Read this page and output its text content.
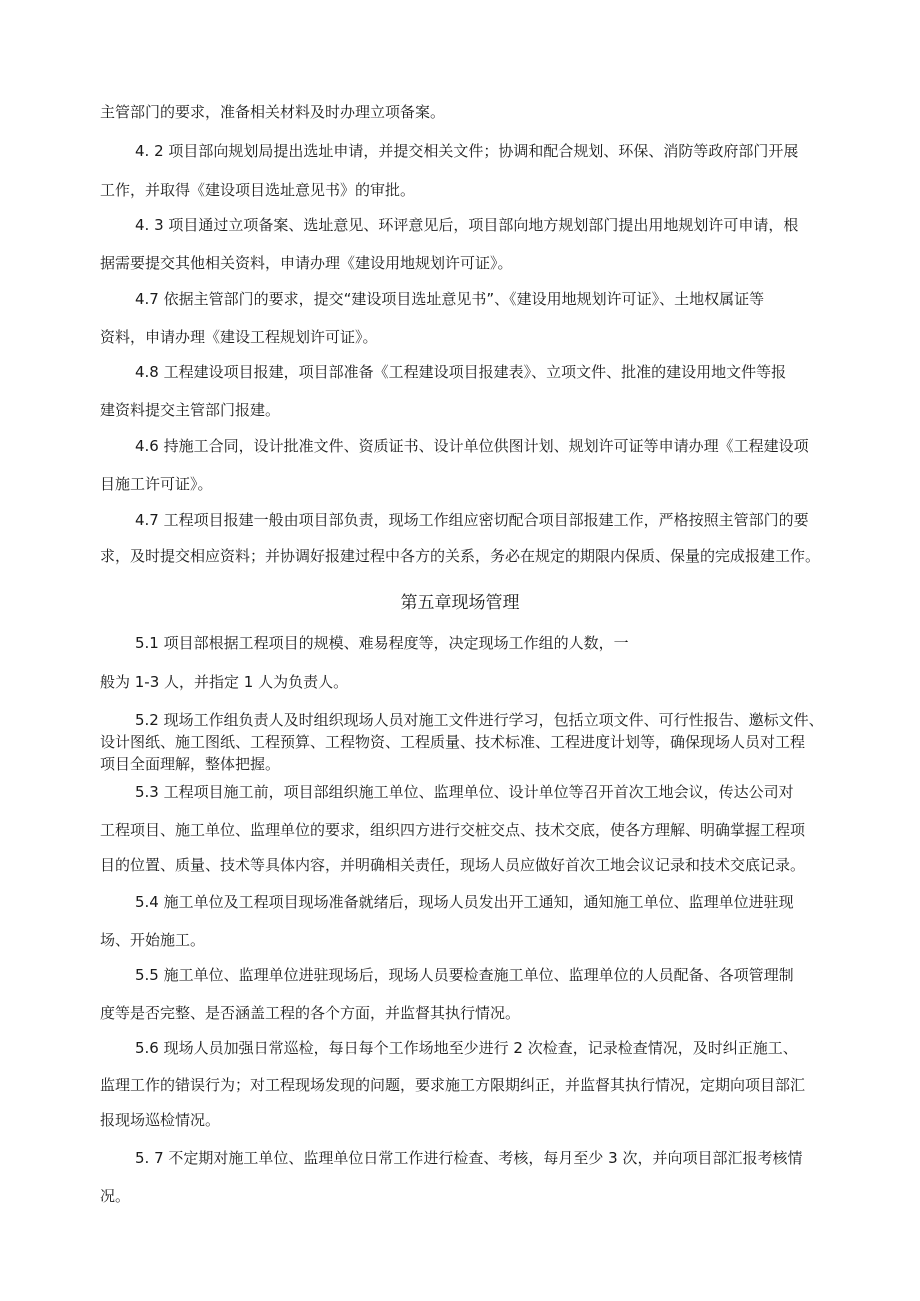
主管部门的要求，准备相关材料及时办理立项备案。
4. 2 项目部向规划局提出选址申请，并提交相关文件；协调和配合规划、环保、消防等政府部门开展
工作，并取得《建设项目选址意见书》的审批。
4. 3 项目通过立项备案、选址意见、环评意见后，项目部向地方规划部门提出用地规划许可申请，根
据需要提交其他相关资料，申请办理《建设用地规划许可证》。
4.7 依据主管部门的要求，提交“建设项目选址意见书”、《建设用地规划许可证》、土地权属证等
资料，申请办理《建设工程规划许可证》。
4.8 工程建设项目报建，项目部准备《工程建设项目报建表》、立项文件、批准的建设用地文件等报
建资料提交主管部门报建。
4.6 持施工合同，设计批准文件、资质证书、设计单位供图计划、规划许可证等申请办理《工程建设项
目施工许可证》。
4.7 工程项目报建一般由项目部负责，现场工作组应密切配合项目部报建工作，严格按照主管部门的要
求，及时提交相应资料；并协调好报建过程中各方的关系，务必在规定的期限内保质、保量的完成报建工作。
第五章现场管理
5.1 项目部根据工程项目的规模、难易程度等，决定现场工作组的人数，一
般为 1-3 人，并指定 1 人为负责人。
5.2 现场工作组负责人及时组织现场人员对施工文件进行学习，包括立项文件、可行性报告、邀标文件、
设计图纸、施工图纸、工程预算、工程物资、工程质量、技术标准、工程进度计划等，确保现场人员对工程
项目全面理解，整体把握。
5.3 工程项目施工前，项目部组织施工单位、监理单位、设计单位等召开首次工地会议，传达公司对
工程项目、施工单位、监理单位的要求，组织四方进行交桩交点、技术交底，使各方理解、明确掌握工程项
目的位置、质量、技术等具体内容，并明确相关责任，现场人员应做好首次工地会议记录和技术交底记录。
5.4 施工单位及工程项目现场准备就绪后，现场人员发出开工通知，通知施工单位、监理单位进驻现
场、开始施工。
5.5 施工单位、监理单位进驻现场后，现场人员要检查施工单位、监理单位的人员配备、各项管理制
度等是否完整、是否涵盖工程的各个方面，并监督其执行情况。
5.6 现场人员加强日常巡检，每日每个工作场地至少进行 2 次检查，记录检查情况，及时纠正施工、
监理工作的错误行为；对工程现场发现的问题，要求施工方限期纠正，并监督其执行情况，定期向项目部汇
报现场巡检情况。
5. 7 不定期对施工单位、监理单位日常工作进行检查、考核，每月至少 3 次，并向项目部汇报考核情
况。
